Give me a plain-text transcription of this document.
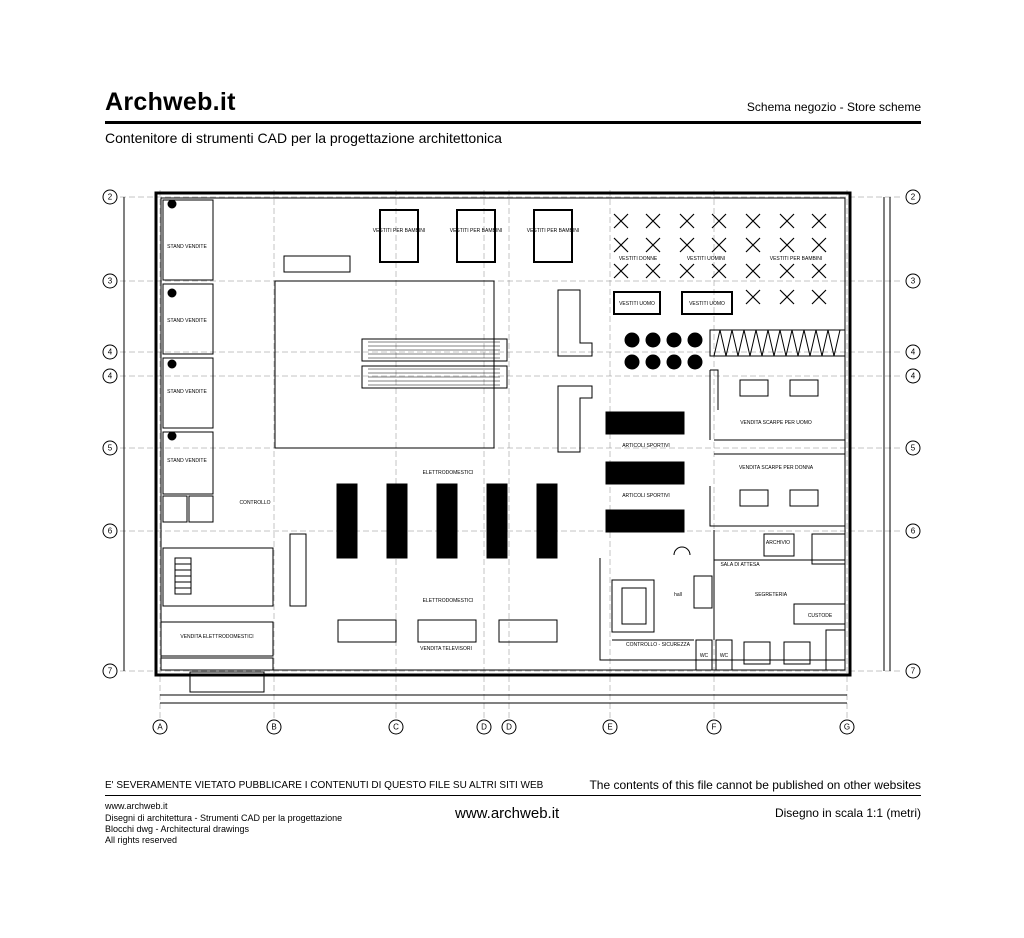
Archweb.it	Schema negozio - Store scheme
Contenitore di strumenti CAD per la progettazione architettonica
2	2
3	3
4	4
4	4
5	5
6	6
7	7
A	B	C	D D	E	F	G
STAND VENDITE
STAND VENDITE
STAND VENDITE
STAND VENDITE
VESTITI PER BAMBINI	VESTITI PER BAMBINI	VESTITI PER BAMBINI
VESTITI DONNE	VESTITI UOMINI	VESTITI PER BAMBINI
VESTITI UOMO	VESTITI UOMO
VENDITA SCARPE PER UOMO
VENDITA SCARPE PER DONNA
ARTICOLI SPORTIVI
ARTICOLI SPORTIVI
ELETTRODOMESTICI
ELETTRODOMESTICI
VENDITA ELETTRODOMESTICI
VENDITA TELEVISORI
CONTROLLO
SALA DI ATTESA
ARCHIVIO
SEGRETERIA
CUSTODE
CONTROLLO - SICUREZZA
hall
WC WC
E' SEVERAMENTE VIETATO PUBBLICARE I CONTENUTI DI QUESTO FILE SU ALTRI SITI WEB	The contents of this file cannot be published on other websites
www.archweb.it
Disegni di architettura - Strumenti CAD per la progettazione
Blocchi dwg - Architectural drawings
All rights reserved
www.archweb.it	Disegno in scala 1:1 (metri)
